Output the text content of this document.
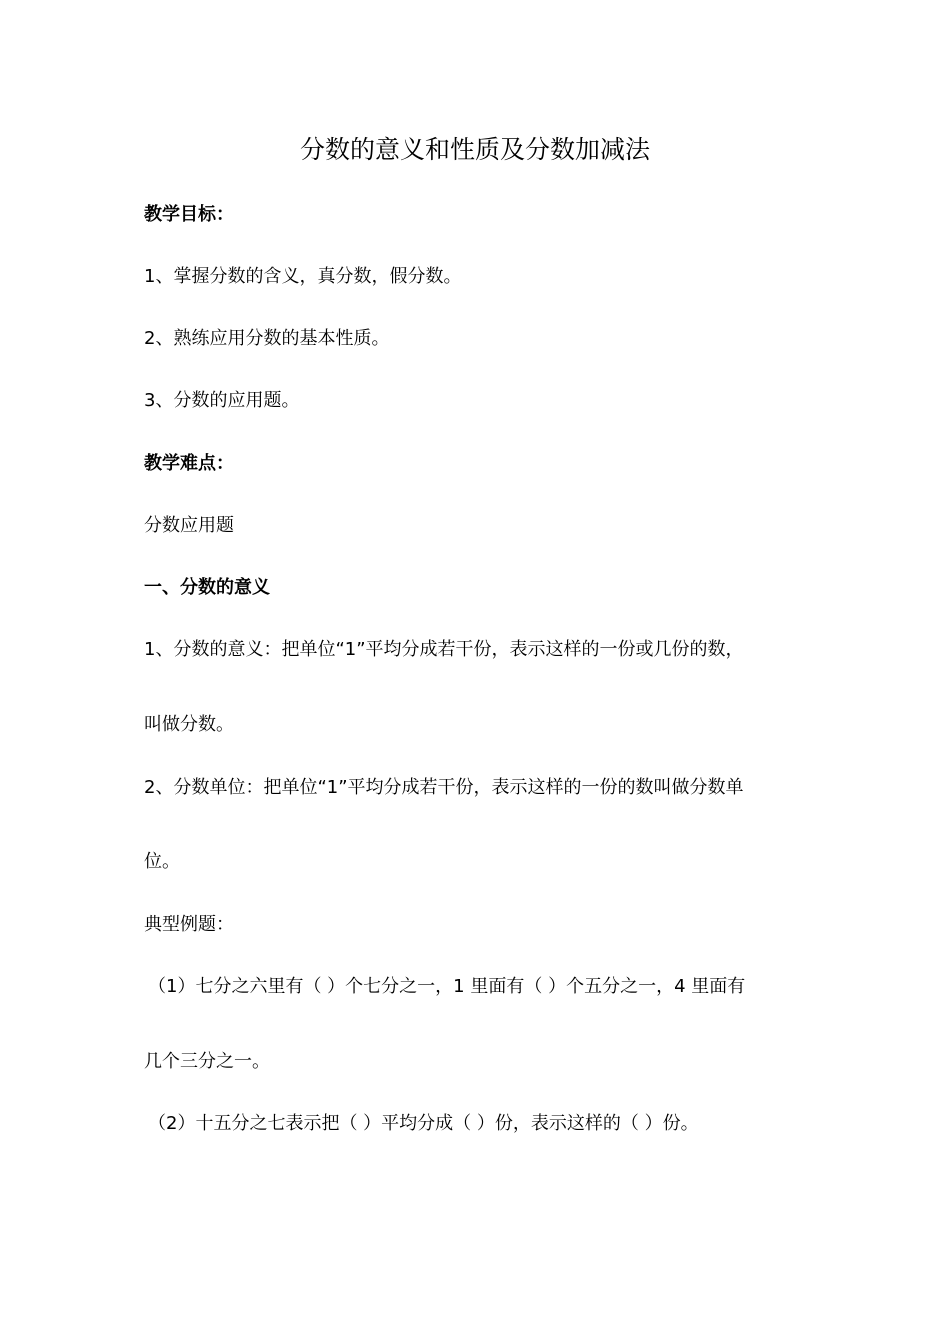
分数的意义和性质及分数加减法
教学目标：
1、掌握分数的含义，真分数，假分数。
2、熟练应用分数的基本性质。
3、分数的应用题。
教学难点：
分数应用题
一、分数的意义
1、分数的意义：把单位“1”平均分成若干份，表示这样的一份或几份的数，
叫做分数。
2、分数单位：把单位“1”平均分成若干份，表示这样的一份的数叫做分数单
位。
典型例题：
（1）七分之六里有（ ）个七分之一，1 里面有（ ）个五分之一，4 里面有
几个三分之一。
（2）十五分之七表示把（ ）平均分成（ ）份，表示这样的（ ）份。
